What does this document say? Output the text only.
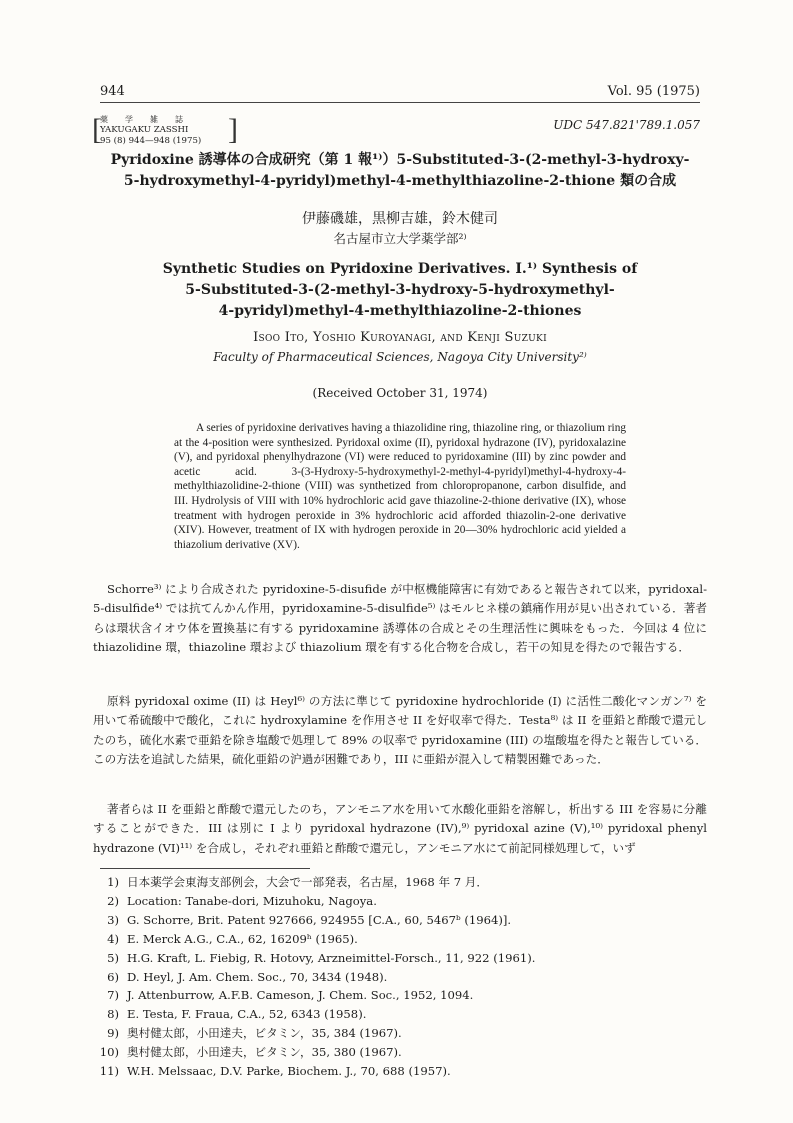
944	Vol. 95 (1975)
[
薬学雑誌
YAKUGAKU ZASSHI
95 (8) 944—948 (1975) ]	UDC 547.821'789.1.057
Pyridoxine 誘導体の合成研究（第 1 報¹⁾）5-Substituted-3-(2-methyl-3-hydroxy-
5-hydroxymethyl-4-pyridyl)methyl-4-methylthiazoline-2-thione 類の合成
伊藤磯雄，黒柳吉雄，鈴木健司
名古屋市立大学薬学部²⁾
Synthetic Studies on Pyridoxine Derivatives. I.¹⁾ Synthesis of
5-Substituted-3-(2-methyl-3-hydroxy-5-hydroxymethyl-
4-pyridyl)methyl-4-methylthiazoline-2-thiones
Isoo Ito, Yoshio Kuroyanagi, and Kenji Suzuki
Faculty of Pharmaceutical Sciences, Nagoya City University²⁾
(Received October 31, 1974)

A series of pyridoxine derivatives having a thiazolidine ring, thiazoline ring, or thiazolium ring at the 4-position were synthesized. Pyridoxal oxime (II), pyridoxal hydrazone (IV), pyridoxalazine (V), and pyridoxal phenylhydrazone (VI) were reduced to pyridoxamine (III) by zinc powder and acetic acid. 3-(3-Hydroxy-5-hydroxymethyl-2-methyl-4-pyridyl)methyl-4-hydroxy-4-methylthiazolidine-2-thione (VIII) was synthetized from chloropropanone, carbon disulfide, and III. Hydrolysis of VIII with 10% hydrochloric acid gave thiazoline-2-thione derivative (IX), whose treatment with hydrogen peroxide in 3% hydrochloric acid afforded thiazolin-2-one derivative (XIV). However, treatment of IX with hydrogen peroxide in 20—30% hydrochloric acid yielded a thiazolium derivative (XV).

Schorre³⁾ により合成された pyridoxine-5-disufide が中枢機能障害に有効であると報告されて以来，pyridoxal-5-disulfide⁴⁾ では抗てんかん作用，pyridoxamine-5-disulfide⁵⁾ はモルヒネ様の鎮痛作用が見い出されている．著者らは環状含イオウ体を置換基に有する pyridoxamine 誘導体の合成とその生理活性に興味をもった．今回は 4 位に thiazolidine 環，thiazoline 環および thiazolium 環を有する化合物を合成し，若干の知見を得たので報告する．

原料 pyridoxal oxime (II) は Heyl⁶⁾ の方法に準じて pyridoxine hydrochloride (I) に活性二酸化マンガン⁷⁾ を用いて希硫酸中で酸化，これに hydroxylamine を作用させ II を好収率で得た．Testa⁸⁾ は II を亜鉛と酢酸で還元したのち，硫化水素で亜鉛を除き塩酸で処理して 89% の収率で pyridoxamine (III) の塩酸塩を得たと報告している．この方法を追試した結果，硫化亜鉛の沪過が困難であり，III に亜鉛が混入して精製困難であった．

著者らは II を亜鉛と酢酸で還元したのち，アンモニア水を用いて水酸化亜鉛を溶解し，析出する III を容易に分離することができた．III は別に I より pyridoxal hydrazone (IV),⁹⁾ pyridoxal azine (V),¹⁰⁾ pyridoxal phenyl hydrazone (VI)¹¹⁾ を合成し，それぞれ亜鉛と酢酸で還元し，アンモニア水にて前記同様処理して，いず

1) 日本薬学会東海支部例会，大会で一部発表，名古屋，1968 年 7 月．
2) Location: Tanabe-dori, Mizuhoku, Nagoya.
3) G. Schorre, Brit. Patent 927666, 924955 [C.A., 60, 5467ᵇ (1964)].
4) E. Merck A.G., C.A., 62, 16209ʰ (1965).
5) H.G. Kraft, L. Fiebig, R. Hotovy, Arzneimittel-Forsch., 11, 922 (1961).
6) D. Heyl, J. Am. Chem. Soc., 70, 3434 (1948).
7) J. Attenburrow, A.F.B. Cameson, J. Chem. Soc., 1952, 1094.
8) E. Testa, F. Fraua, C.A., 52, 6343 (1958).
9) 奥村健太郎，小田達夫，ビタミン，35, 384 (1967).
10) 奥村健太郎，小田達夫，ビタミン，35, 380 (1967).
11) W.H. Melssaac, D.V. Parke, Biochem. J., 70, 688 (1957).
